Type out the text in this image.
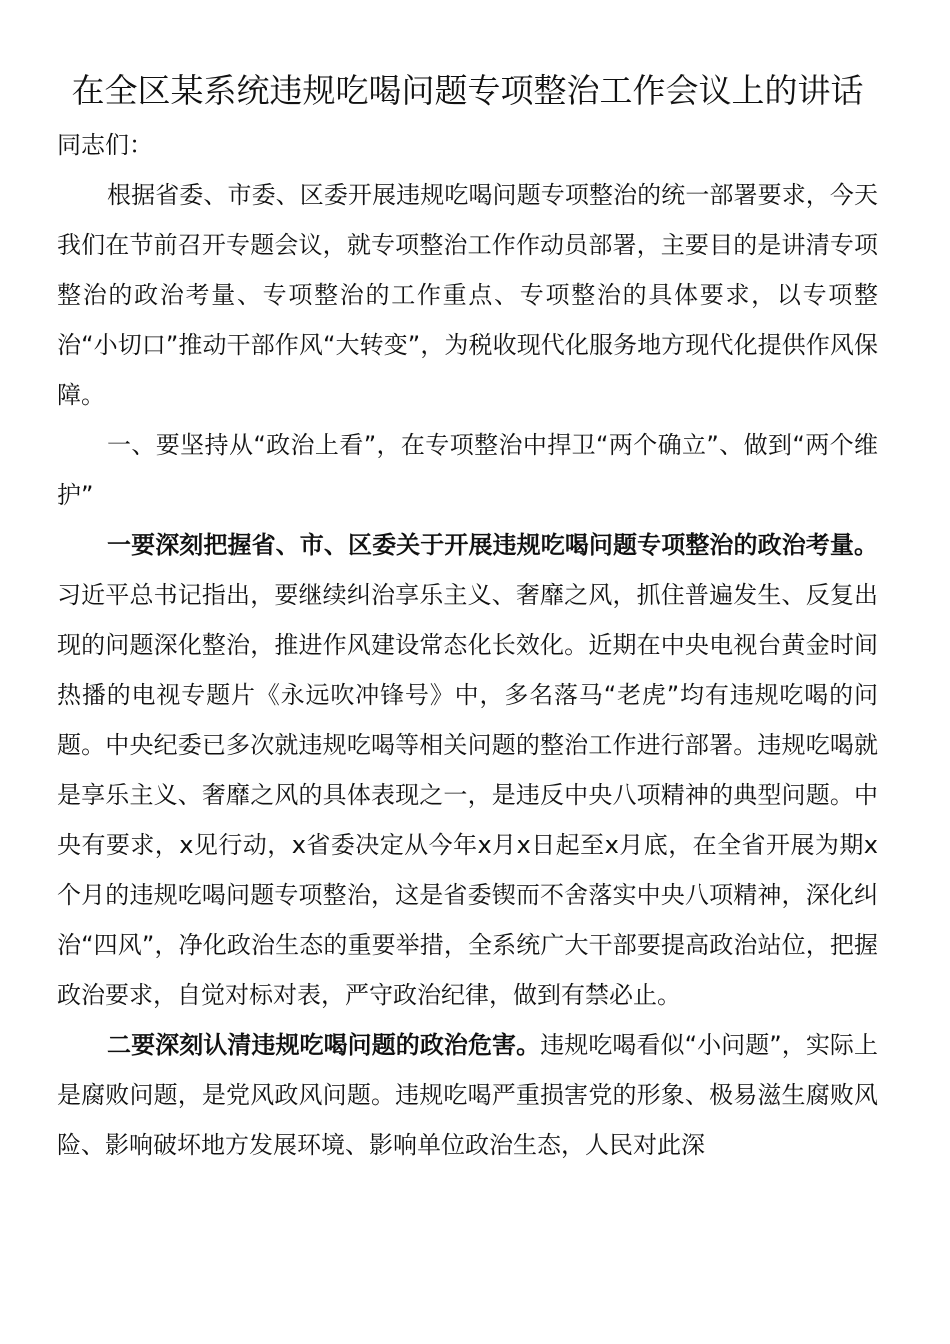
在全区某系统违规吃喝问题专项整治工作会议上的讲话

同志们：

根据省委、市委、区委开展违规吃喝问题专项整治的统一部署要求，今天我们在节前召开专题会议，就专项整治工作作动员部署，主要目的是讲清专项整治的政治考量、专项整治的工作重点、专项整治的具体要求，以专项整治“小切口”推动干部作风“大转变”，为税收现代化服务地方现代化提供作风保障。

一、要坚持从“政治上看”，在专项整治中捍卫“两个确立”、做到“两个维护”

一要深刻把握省、市、区委关于开展违规吃喝问题专项整治的政治考量。习近平总书记指出，要继续纠治享乐主义、奢靡之风，抓住普遍发生、反复出现的问题深化整治，推进作风建设常态化长效化。近期在中央电视台黄金时间热播的电视专题片《永远吹冲锋号》中，多名落马“老虎”均有违规吃喝的问题。中央纪委已多次就违规吃喝等相关问题的整治工作进行部署。违规吃喝就是享乐主义、奢靡之风的具体表现之一，是违反中央八项精神的典型问题。中央有要求，x见行动，x省委决定从今年x月x日起至x月底，在全省开展为期x个月的违规吃喝问题专项整治，这是省委锲而不舍落实中央八项精神，深化纠治“四风”，净化政治生态的重要举措，全系统广大干部要提高政治站位，把握政治要求，自觉对标对表，严守政治纪律，做到有禁必止。

二要深刻认清违规吃喝问题的政治危害。违规吃喝看似“小问题”，实际上是腐败问题，是党风政风问题。违规吃喝严重损害党的形象、极易滋生腐败风险、影响破坏地方发展环境、影响单位政治生态，人民对此深
